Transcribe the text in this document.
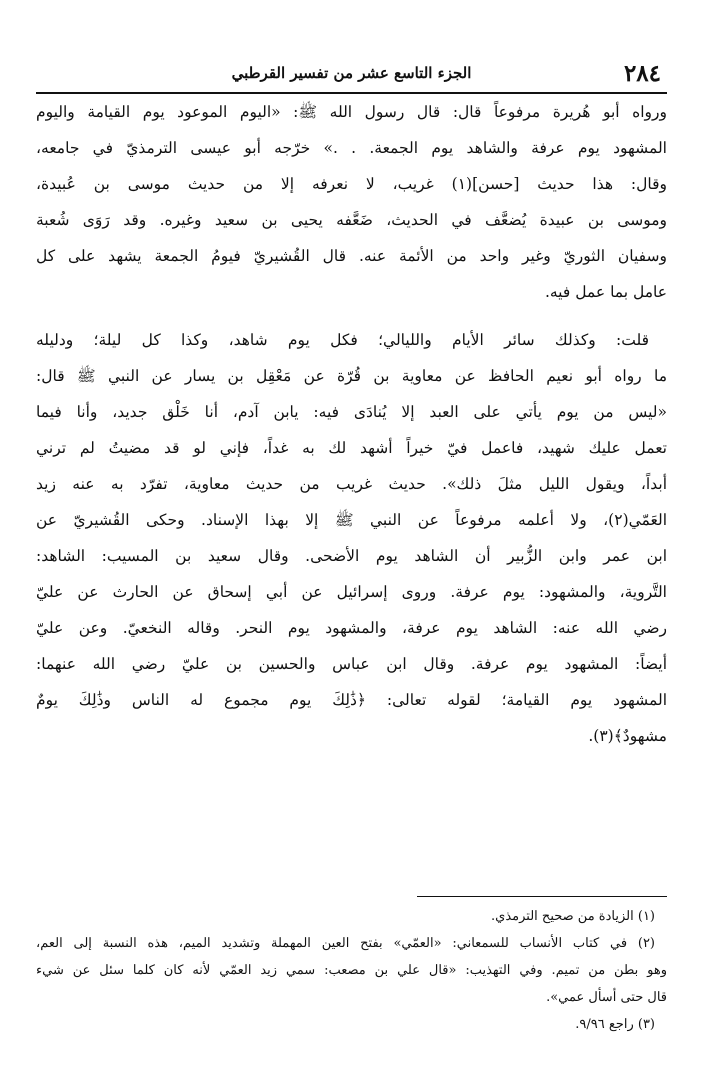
٢٨٤
الجزء التاسع عشر من تفسير القرطبي
ورواه أبو هُريرة مرفوعاً قال: قال رسول الله ﷺ: «اليوم الموعود يوم القيامة واليوم
المشهود يوم عرفة والشاهد يوم الجمعة. . .» خرّجه أبو عيسى الترمذيّ في جامعه،
وقال: هذا حديث [حسن](١) غريب، لا نعرفه إلا من حديث موسى بن عُبيدة،
وموسى بن عبيدة يُضعَّف في الحديث، ضَعَّفه يحيى بن سعيد وغيره. وقد رَوَى شُعبة
وسفيان الثوريّ وغير واحد من الأئمة عنه. قال القُشيريّ فيومُ الجمعة يشهد على كل
عامل بما عمل فيه.
قلت: وكذلك سائر الأيام والليالي؛ فكل يوم شاهد، وكذا كل ليلة؛ ودليله
ما رواه أبو نعيم الحافظ عن معاوية بن قُرّة عن مَعْقِل بن يسار عن النبي ﷺ قال:
«ليس من يوم يأتي على العبد إلا يُنادَى فيه: يابن آدم، أنا خَلْق جديد، وأنا فيما
تعمل عليك شهيد، فاعمل فيّ خيراً أشهد لك به غداً، فإني لو قد مضيتُ لم ترني
أبداً، ويقول الليل مثلَ ذلك». حديث غريب من حديث معاوية، تفرّد به عنه زيد
العَمّي(٢)، ولا أعلمه مرفوعاً عن النبي ﷺ إلا بهذا الإسناد. وحكى القُشيريّ عن
ابن عمر وابن الزُّبير أن الشاهد يوم الأضحى. وقال سعيد بن المسيب: الشاهد:
التَّروية، والمشهود: يوم عرفة. وروى إسرائيل عن أبي إسحاق عن الحارث عن عليّ
رضي الله عنه: الشاهد يوم عرفة، والمشهود يوم النحر. وقاله النخعيّ. وعن عليّ
أيضاً: المشهود يوم عرفة. وقال ابن عباس والحسين بن عليّ رضي الله عنهما:
المشهود يوم القيامة؛ لقوله تعالى: ﴿ذَٰلِكَ يوم مجموع له الناس وذَٰلِكَ يومٌ
مشهودٌ﴾(٣).
(١) الزيادة من صحيح الترمذي.
(٢) في كتاب الأنساب للسمعاني: «العمّي» بفتح العين المهملة وتشديد الميم، هذه النسبة إلى العم،
وهو بطن من تميم. وفي التهذيب: «قال علي بن مصعب: سمي زيد العمّي لأنه كان كلما سئل عن شيء
قال حتى أسأل عمي».
(٣) راجع ٩/٩٦.
